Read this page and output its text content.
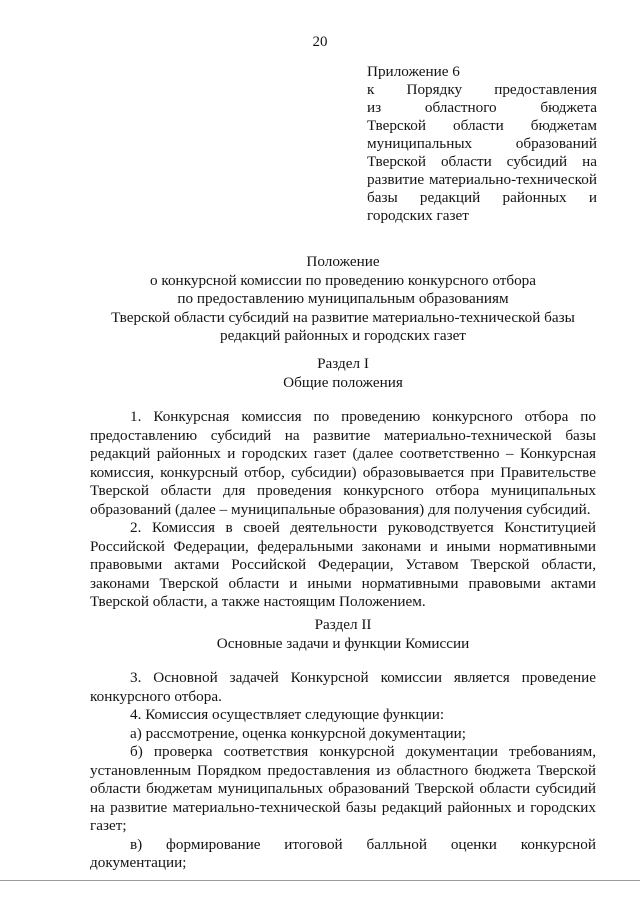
20
Приложение 6
к Порядку предоставления
из областного бюджета
Тверской области бюджетам
муниципальных образований
Тверской области субсидий на
развитие материально-технической
базы редакций районных и
городских газет
Положение
о конкурсной комиссии по проведению конкурсного отбора
по предоставлению муниципальным образованиям
Тверской области субсидий на развитие материально-технической базы
редакций районных и городских газет
Раздел I
Общие положения

1. Конкурсная комиссия по проведению конкурсного отбора по предоставлению субсидий на развитие материально-технической базы редакций районных и городских газет (далее соответственно – Конкурсная комиссия, конкурсный отбор, субсидии) образовывается при Правительстве Тверской области для проведения конкурсного отбора муниципальных образований (далее – муниципальные образования) для получения субсидий.

2. Комиссия в своей деятельности руководствуется Конституцией Российской Федерации, федеральными законами и иными нормативными правовыми актами Российской Федерации, Уставом Тверской области, законами Тверской области и иными нормативными правовыми актами Тверской области, а также настоящим Положением.

Раздел II
Основные задачи и функции Комиссии

3. Основной задачей Конкурсной комиссии является проведение конкурсного отбора.

4. Комиссия осуществляет следующие функции:

а) рассмотрение, оценка конкурсной документации;

б) проверка соответствия конкурсной документации требованиям, установленным Порядком предоставления из областного бюджета Тверской области бюджетам муниципальных образований Тверской области субсидий на развитие материально-технической базы редакций районных и городских газет;

в) формирование итоговой балльной оценки конкурсной документации;
